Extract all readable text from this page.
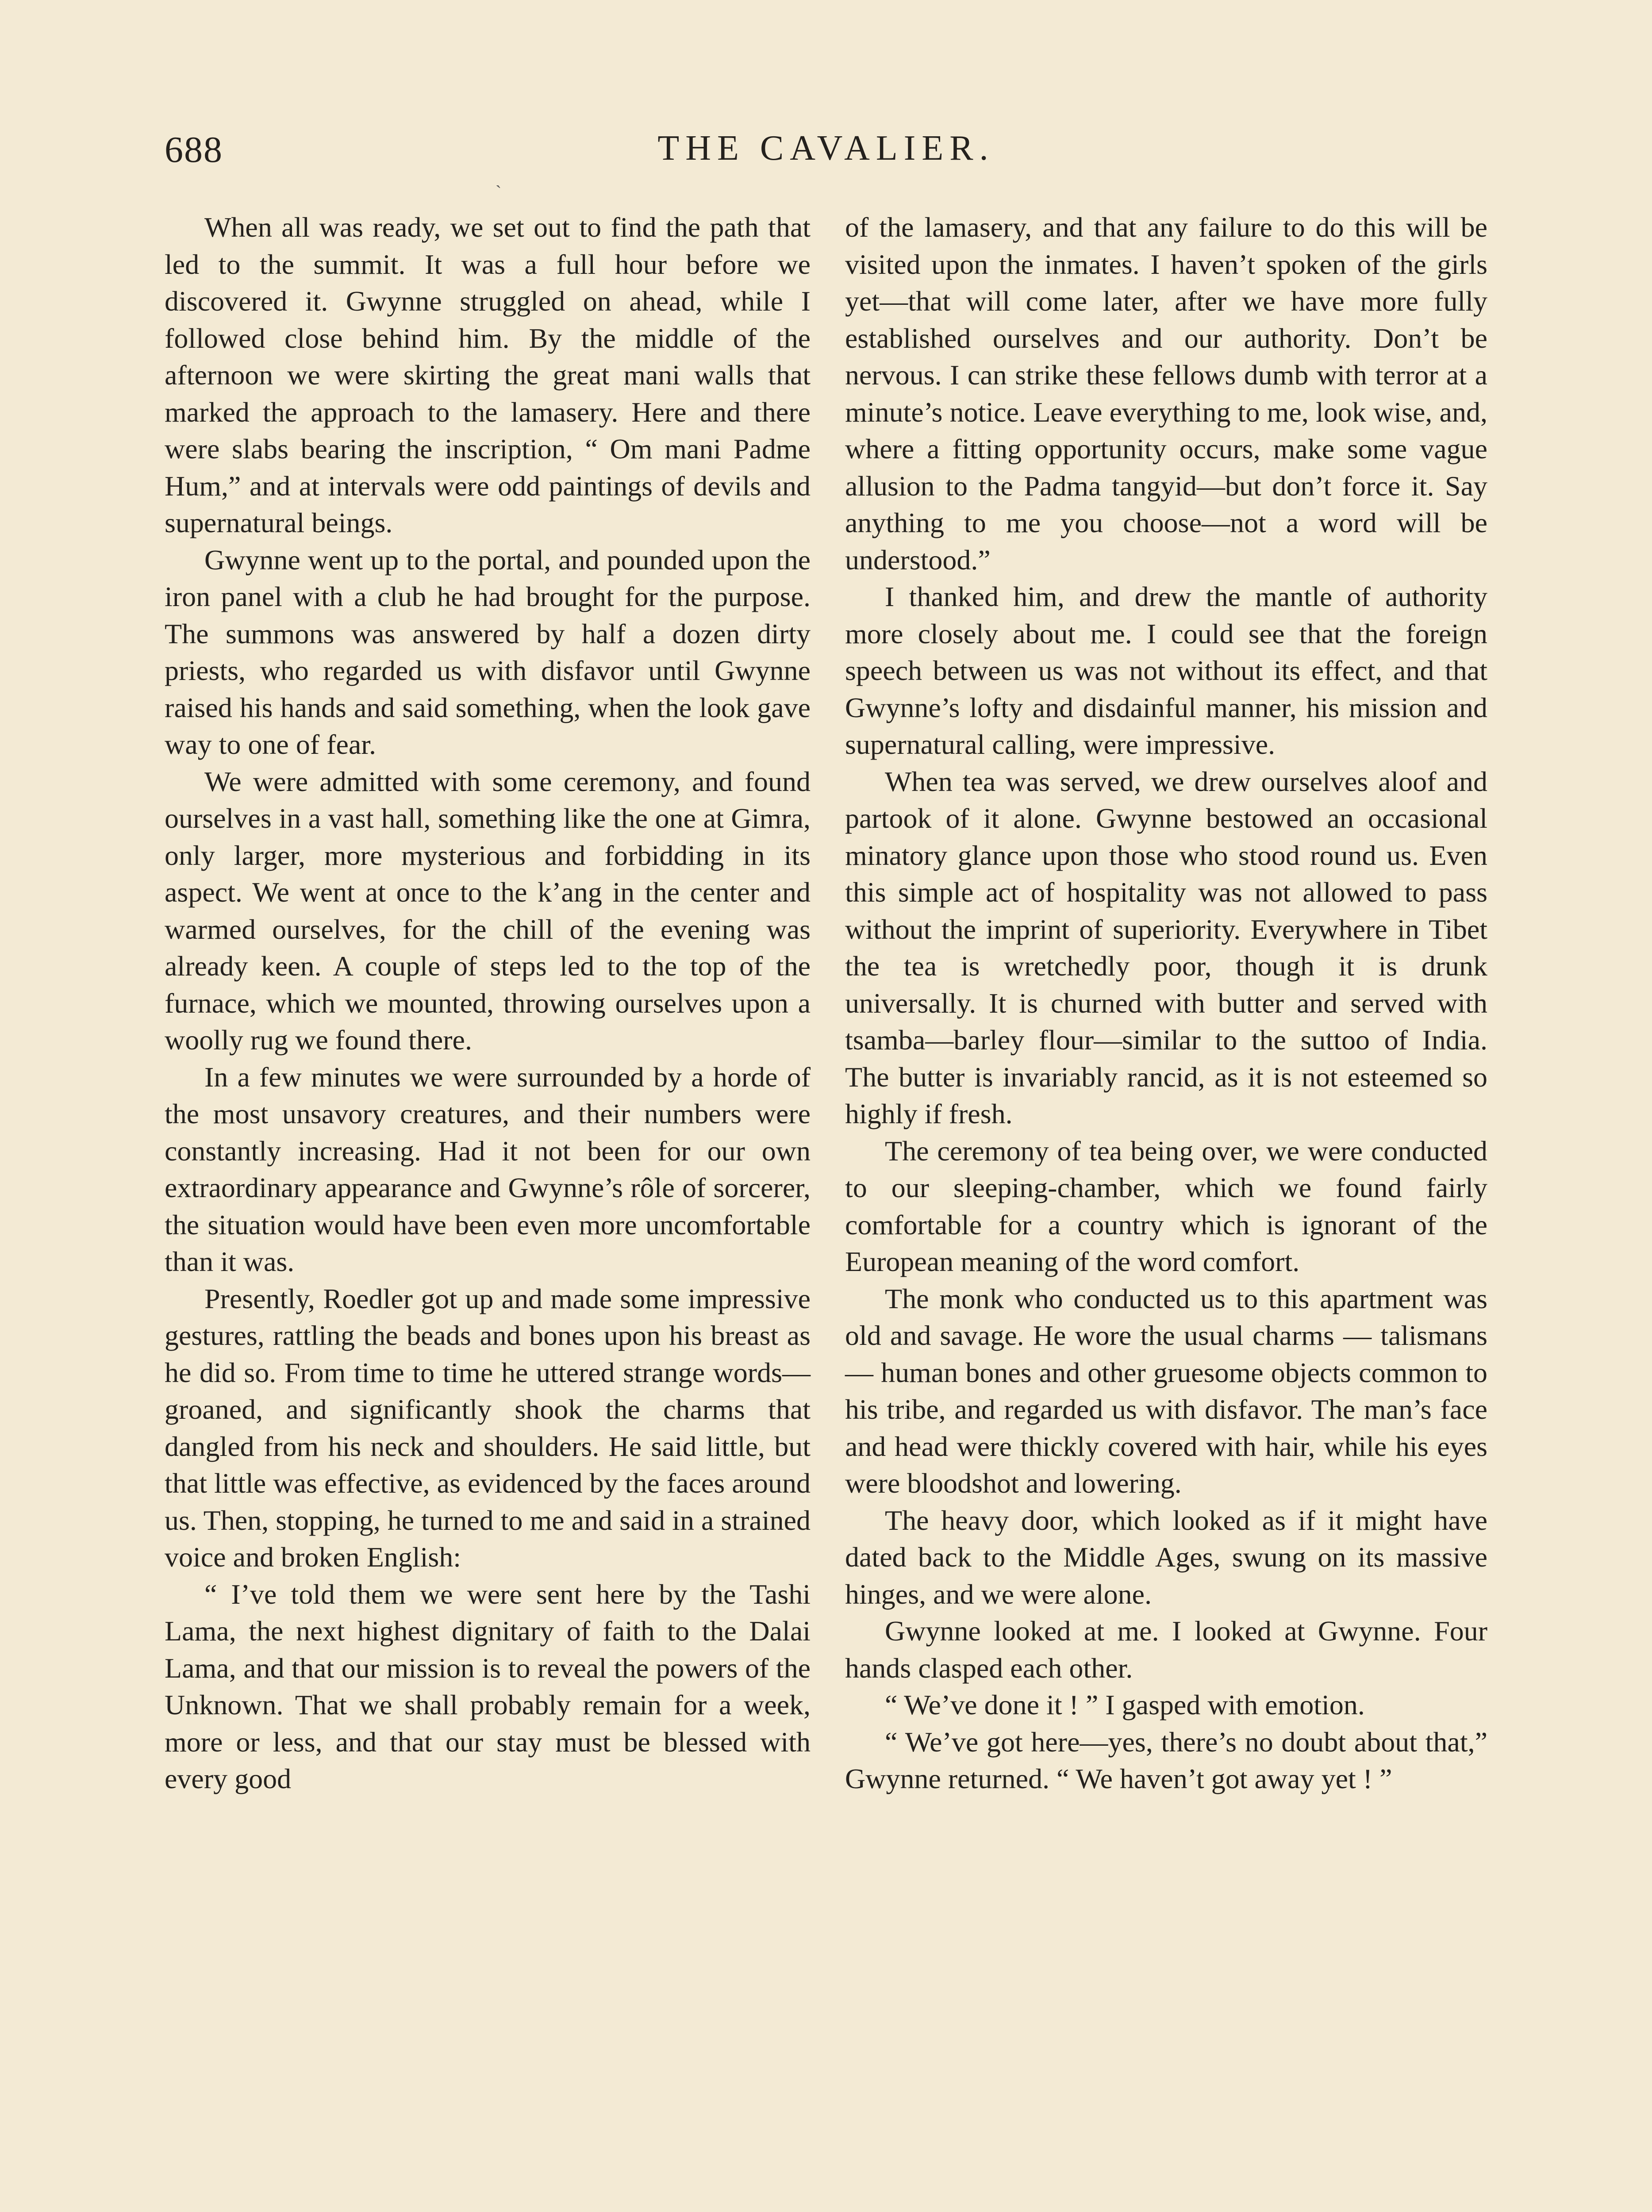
688	THE CAVALIER.
ˋ

When all was ready, we set out to find the path that led to the summit. It was a full hour before we discovered it. Gwynne struggled on ahead, while I followed close behind him. By the middle of the afternoon we were skirting the great mani walls that marked the approach to the lamasery. Here and there were slabs bearing the inscription, “ Om mani Padme Hum,” and at intervals were odd paintings of devils and supernatural beings.

Gwynne went up to the portal, and pounded upon the iron panel with a club he had brought for the purpose. The summons was answered by half a dozen dirty priests, who regarded us with disfavor until Gwynne raised his hands and said something, when the look gave way to one of fear.

We were admitted with some ceremony, and found ourselves in a vast hall, something like the one at Gimra, only larger, more mysterious and forbidding in its aspect. We went at once to the k’ang in the center and warmed ourselves, for the chill of the evening was already keen. A couple of steps led to the top of the furnace, which we mounted, throwing ourselves upon a woolly rug we found there.

In a few minutes we were surrounded by a horde of the most unsavory creatures, and their numbers were constantly increasing. Had it not been for our own extraordinary appearance and Gwynne’s rôle of sorcerer, the situation would have been even more uncomfortable than it was.

Presently, Roedler got up and made some impressive gestures, rattling the beads and bones upon his breast as he did so. From time to time he uttered strange words—groaned, and significantly shook the charms that dangled from his neck and shoulders. He said little, but that little was effective, as evidenced by the faces around us. Then, stopping, he turned to me and said in a strained voice and broken English:

“ I’ve told them we were sent here by the Tashi Lama, the next highest dignitary of faith to the Dalai Lama, and that our mission is to reveal the powers of the Unknown. That we shall probably remain for a week, more or less, and that our stay must be blessed with every good

of the lamasery, and that any failure to do this will be visited upon the inmates. I haven’t spoken of the girls yet—that will come later, after we have more fully established ourselves and our authority. Don’t be nervous. I can strike these fellows dumb with terror at a minute’s notice. Leave everything to me, look wise, and, where a fitting opportunity occurs, make some vague allusion to the Padma tangyid—but don’t force it. Say anything to me you choose—not a word will be understood.”

I thanked him, and drew the mantle of authority more closely about me. I could see that the foreign speech between us was not without its effect, and that Gwynne’s lofty and disdainful manner, his mission and supernatural calling, were impressive.

When tea was served, we drew ourselves aloof and partook of it alone. Gwynne bestowed an occasional minatory glance upon those who stood round us. Even this simple act of hospitality was not allowed to pass without the imprint of superiority. Everywhere in Tibet the tea is wretchedly poor, though it is drunk universally. It is churned with butter and served with tsamba—barley flour—similar to the suttoo of India. The butter is invariably rancid, as it is not esteemed so highly if fresh.

The ceremony of tea being over, we were conducted to our sleeping-chamber, which we found fairly comfortable for a country which is ignorant of the European meaning of the word comfort.

The monk who conducted us to this apartment was old and savage. He wore the usual charms — talismans — human bones and other gruesome objects common to his tribe, and regarded us with disfavor. The man’s face and head were thickly covered with hair, while his eyes were bloodshot and lowering.

The heavy door, which looked as if it might have dated back to the Middle Ages, swung on its massive hinges, and we were alone.

Gwynne looked at me. I looked at Gwynne. Four hands clasped each other.

“ We’ve done it ! ” I gasped with emotion.

“ We’ve got here—yes, there’s no doubt about that,” Gwynne returned. “ We haven’t got away yet ! ”
